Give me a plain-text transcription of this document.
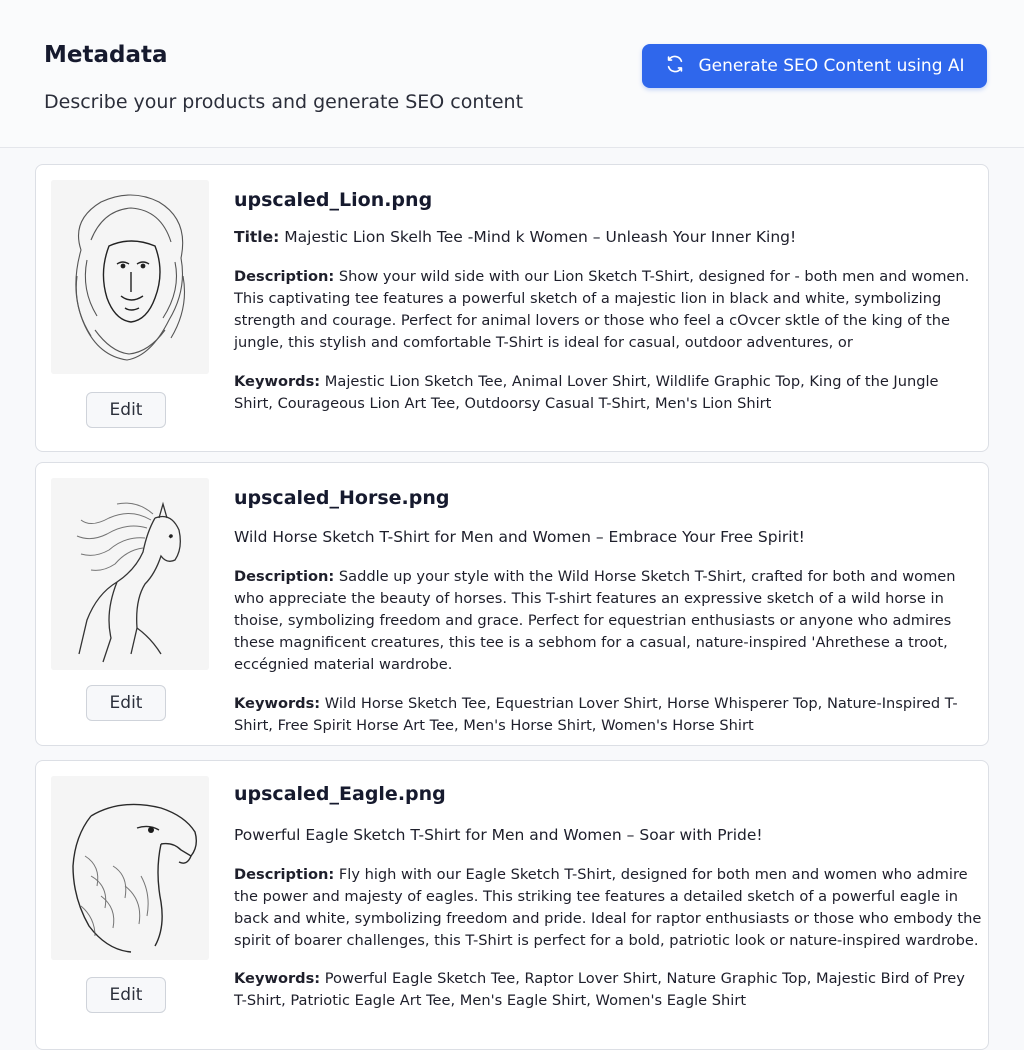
Metadata

Describe your products and generate SEO content

Generate SEO Content using AI
Edit
upscaled_Lion.png
Title: Majestic Lion Skelh Tee -Mind k Women – Unleash Your Inner King!
Description: Show your wild side with our Lion Sketch T-Shirt, designed for - both men and women. This captivating tee features a powerful sketch of a majestic lion in black and white, symbolizing strength and courage. Perfect for animal lovers or those who feel a cOvcer sktle of the king of the jungle, this stylish and comfortable T-Shirt is ideal for casual, outdoor adventures, or
Keywords: Majestic Lion Sketch Tee, Animal Lover Shirt, Wildlife Graphic Top, King of the Jungle Shirt, Courageous Lion Art Tee, Outdoorsy Casual T-Shirt, Men's Lion Shirt
Edit
upscaled_Horse.png
Wild Horse Sketch T-Shirt for Men and Women – Embrace Your Free Spirit!
Description: Saddle up your style with the Wild Horse Sketch T-Shirt, crafted for both and women who appreciate the beauty of horses. This T-shirt features an expressive sketch of a wild horse in thoise, symbolizing freedom and grace. Perfect for equestrian enthusiasts or anyone who admires these magnificent creatures, this tee is a sebhom for a casual, nature-inspired 'Ahrethese a troot, eccégnied material wardrobe.
Keywords: Wild Horse Sketch Tee, Equestrian Lover Shirt, Horse Whisperer Top, Nature-Inspired T-Shirt, Free Spirit Horse Art Tee, Men's Horse Shirt, Women's Horse Shirt
Edit
upscaled_Eagle.png
Powerful Eagle Sketch T-Shirt for Men and Women – Soar with Pride!
Description: Fly high with our Eagle Sketch T-Shirt, designed for both men and women who admire the power and majesty of eagles. This striking tee features a detailed sketch of a powerful eagle in back and white, symbolizing freedom and pride. Ideal for raptor enthusiasts or those who embody the spirit of boarer challenges, this T-Shirt is perfect for a bold, patriotic look or nature-inspired wardrobe.
Keywords: Powerful Eagle Sketch Tee, Raptor Lover Shirt, Nature Graphic Top, Majestic Bird of Prey T-Shirt, Patriotic Eagle Art Tee, Men's Eagle Shirt, Women's Eagle Shirt
